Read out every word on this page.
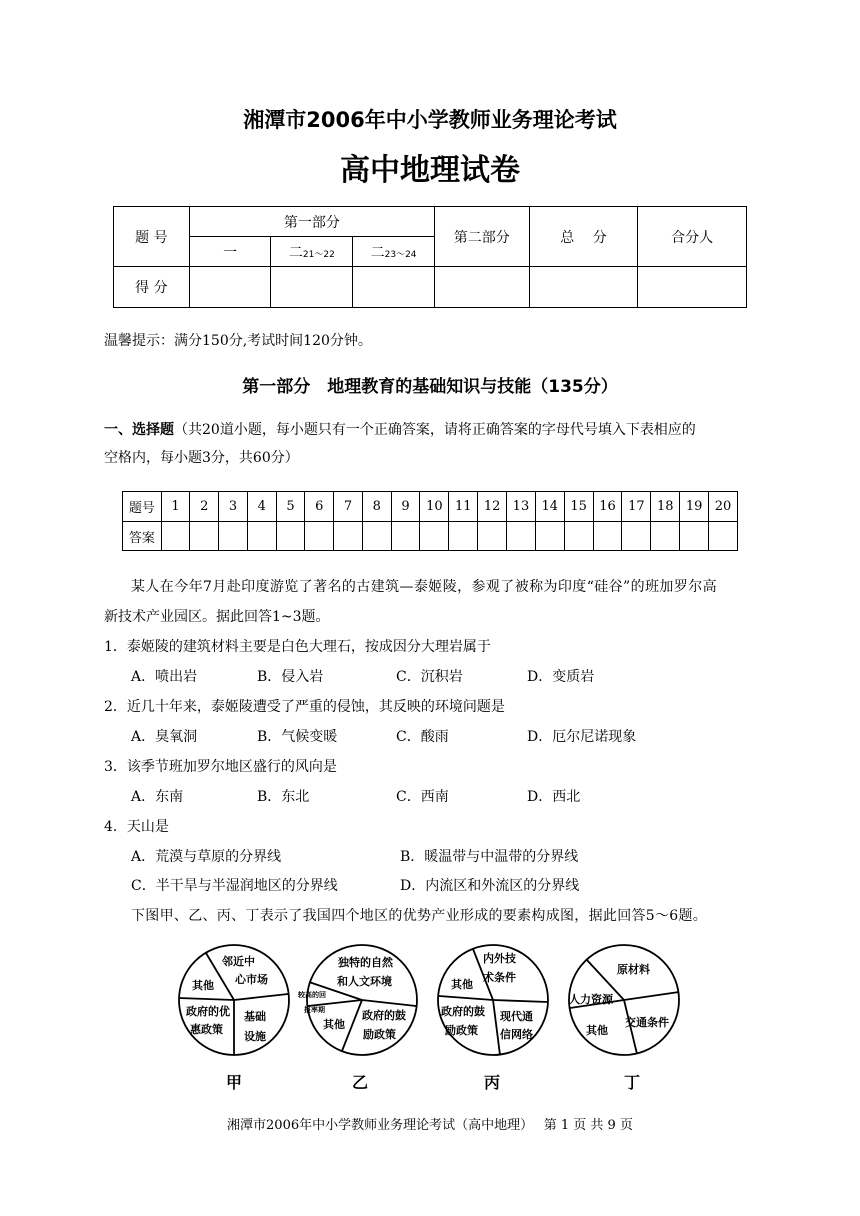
湘潭市2006年中小学教师业务理论考试
高中地理试卷
题 号	第一部分			第二部分	总　 分	合分人
	一	二21～22	二23～24			
得 分						
温馨提示：满分150分,考试时间120分钟。
第一部分　地理教育的基础知识与技能（135分）
一、选择题（共20道小题，每小题只有一个正确答案，请将正确答案的字母代号填入下表相应的
空格内，每小题3分，共60分）
题号	1	2	3	4	5	6	7	8	9	10	11	12	13	14	15	16	17	18	19	20
答案																				
某人在今年7月赴印度游览了著名的古建筑—泰姬陵，参观了被称为印度“硅谷”的班加罗尔高
新技术产业园区。据此回答1~3题。
1．泰姬陵的建筑材料主要是白色大理石，按成因分大理岩属于
A．喷出岩	B．侵入岩	C．沉积岩	D．变质岩
2．近几十年来，泰姬陵遭受了严重的侵蚀，其反映的环境问题是
A．臭氧洞	B．气候变暖	C．酸雨	D．厄尔尼诺现象
3．该季节班加罗尔地区盛行的风向是
A．东南	B．东北	C．西南	D．西北
4．天山是
A．荒漠与草原的分界线	B．暖温带与中温带的分界线
C．半干旱与半湿润地区的分界线	D．内流区和外流区的分界线
下图甲、乙、丙、丁表示了我国四个地区的优势产业形成的要素构成图，据此回答5～6题。
邻近中
心市场
其他
政府的优
惠政策
基础
设施
独特的自然
和人文环境
较高的回
报率期
其他
政府的鼓
励政策
内外技
术条件
其他
政府的鼓
励政策
现代通
信网络
原材料
人力资源
其他
交通条件
甲	乙	丙	丁
湘潭市2006年中小学教师业务理论考试（高中地理）　 第 1 页 共 9 页
